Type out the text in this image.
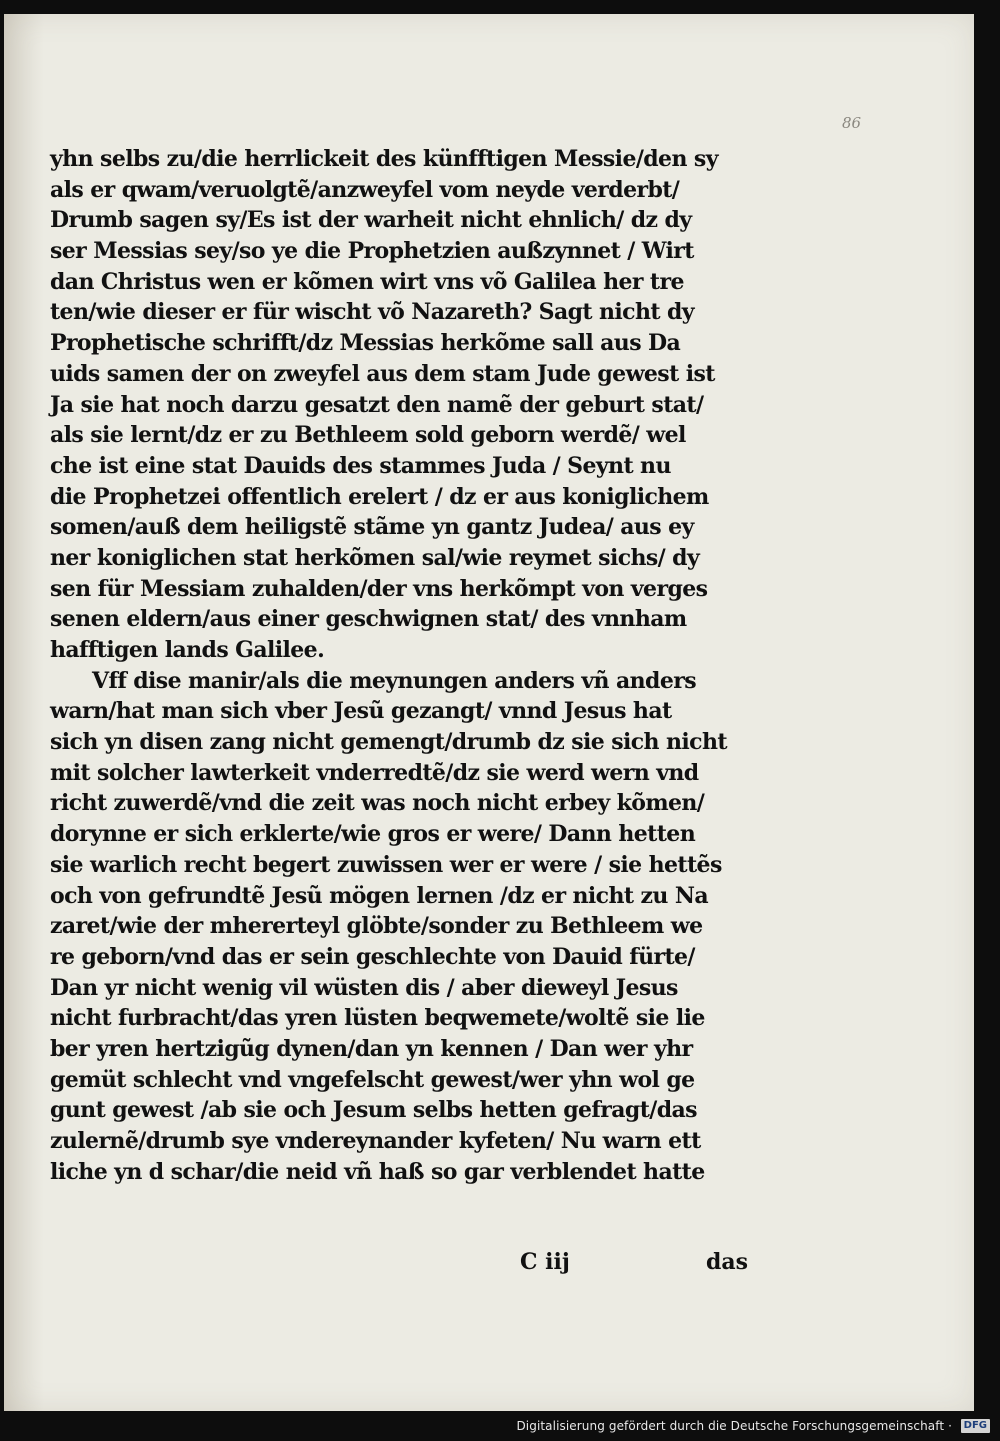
86
yhn selbs zu/die herrlickeit des künfftigen Messie/den sy
als er qwam/veruolgtẽ/anzweyfel vom neyde verderbt/
Drumb sagen sy/Es ist der warheit nicht ehnlich/ dz dy
ser Messias sey/so ye die Prophetzien außzynnet / Wirt
dan Christus wen er kõmen wirt vns võ Galilea her tre
ten/wie dieser er für wischt võ Nazareth? Sagt nicht dy
Prophetische schrifft/dz Messias herkõme sall aus Da
uids samen der on zweyfel aus dem stam Jude gewest ist
Ja sie hat noch darzu gesatzt den namẽ der geburt stat/
als sie lernt/dz er zu Bethleem sold geborn werdẽ/ wel
che ist eine stat Dauids des stammes Juda / Seynt nu
die Prophetzei offentlich erelert / dz er aus koniglichem
somen/auß dem heiligstẽ stãme yn gantz Judea/ aus ey
ner koniglichen stat herkõmen sal/wie reymet sichs/ dy
sen für Messiam zuhalden/der vns herkõmpt von verges
senen eldern/aus einer geschwignen stat/ des vnnham
hafftigen lands Galilee.
Vff dise manir/als die meynungen anders vñ anders
warn/hat man sich vber Jesũ gezangt/ vnnd Jesus hat
sich yn disen zang nicht gemengt/drumb dz sie sich nicht
mit solcher lawterkeit vnderredtẽ/dz sie werd wern vnd
richt zuwerdẽ/vnd die zeit was noch nicht erbey kõmen/
dorynne er sich erklerte/wie gros er were/ Dann hetten
sie warlich recht begert zuwissen wer er were / sie hettẽs
och von gefrundtẽ Jesũ mögen lernen /dz er nicht zu Na
zaret/wie der mhererteyl glöbte/sonder zu Bethleem we
re geborn/vnd das er sein geschlechte von Dauid fürte/
Dan yr nicht wenig vil wüsten dis / aber dieweyl Jesus
nicht furbracht/das yren lüsten beqwemete/woltẽ sie lie
ber yren hertzigũg dynen/dan yn kennen / Dan wer yhr
gemüt schlecht vnd vngefelscht gewest/wer yhn wol ge
gunt gewest /ab sie och Jesum selbs hetten gefragt/das
zulernẽ/drumb sye vndereynander kyfeten/ Nu warn ett
liche yn d schar/die neid vñ haß so gar verblendet hatte
C iij	das
Digitalisierung gefördert durch die Deutsche Forschungsgemeinschaft ·	DFG
